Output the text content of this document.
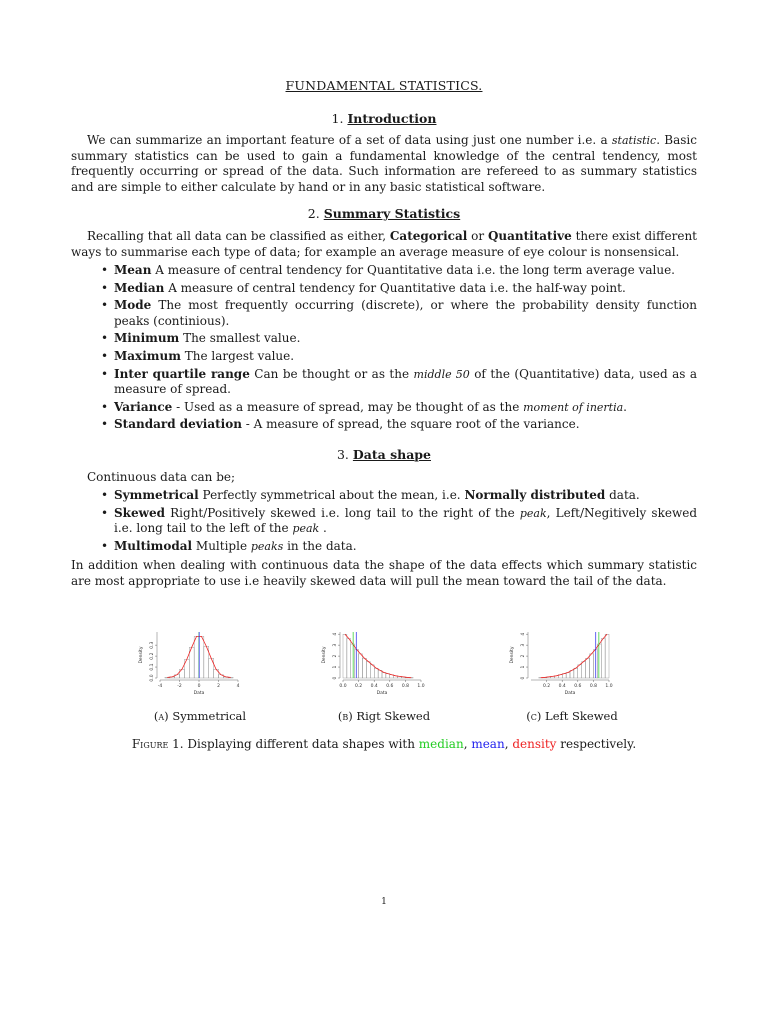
FUNDAMENTAL STATISTICS.
1. Introduction
We can summarize an important feature of a set of data using just one number i.e. a statistic. Basic summary statistics can be used to gain a fundamental knowledge of the central tendency, most frequently occurring or spread of the data. Such information are refereed to as summary statistics and are simple to either calculate by hand or in any basic statistical software.
2. Summary Statistics
Recalling that all data can be classified as either, Categorical or Quantitative there exist different ways to summarise each type of data; for example an average measure of eye colour is nonsensical.
• Mean A measure of central tendency for Quantitative data i.e. the long term average value.
• Median A measure of central tendency for Quantitative data i.e. the half-way point.
• Mode The most frequently occurring (discrete), or where the probability density function peaks (continious).
• Minimum The smallest value.
• Maximum The largest value.
• Inter quartile range Can be thought or as the middle 50 of the (Quantitative) data, used as a measure of spread.
• Variance - Used as a measure of spread, may be thought of as the moment of inertia.
• Standard deviation - A measure of spread, the square root of the variance.
3. Data shape
Continuous data can be;
• Symmetrical Perfectly symmetrical about the mean, i.e. Normally distributed data.
• Skewed Right/Positively skewed i.e. long tail to the right of the peak, Left/Negitively skewed i.e. long tail to the left of the peak .
• Multimodal Multiple peaks in the data.
In addition when dealing with continuous data the shape of the data effects which summary statistic are most appropriate to use i.e heavily skewed data will pull the mean toward the tail of the data.
-4	-2	0	2	4
0.0
0.1
0.2
0.3
Data
Density
0.0 0.2 0.4 0.6 0.8 1.0
0
1
2
3
4
Data
Density
0.2 0.4 0.6 0.8 1.0
0
1
2
3
4
Data
Density
(a) Symmetrical	(b) Rigt Skewed	(c) Left Skewed
Figure 1. Displaying different data shapes with median, mean, density respectively.
1
